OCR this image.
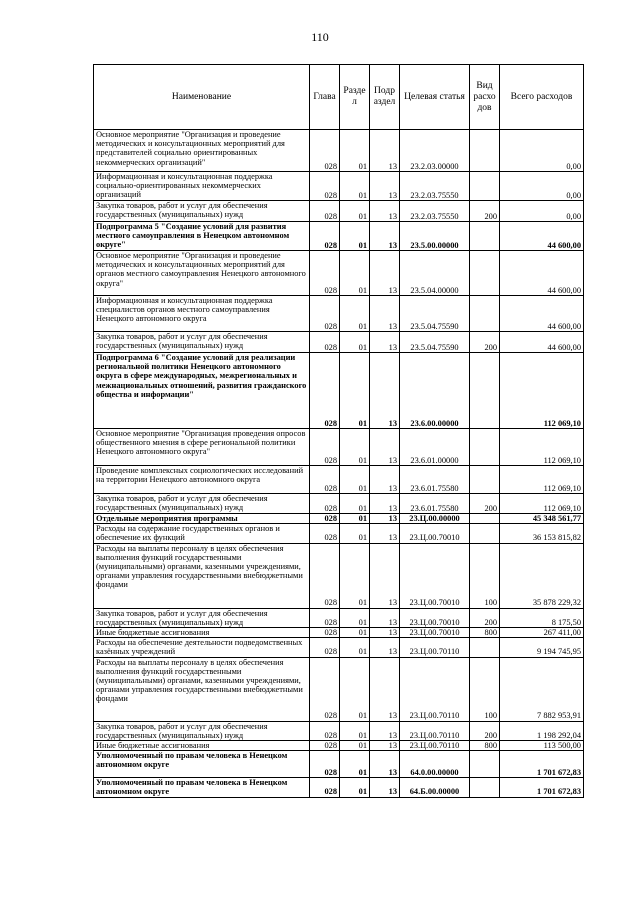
110
Наименование	Глава	Разде л	Подр аздел	Целевая статья	Вид расхо дов	Всего расходов
Основное мероприятие "Организация и проведение методических и консультационных мероприятий для представителей социально ориентированных некоммерческих организаций"	028	01	13	23.2.03.00000		0,00
Информационная и консультационная поддержка социально-ориентированных некоммерческих организаций	028	01	13	23.2.03.75550		0,00
Закупка товаров, работ и услуг для обеспечения государственных (муниципальных) нужд	028	01	13	23.2.03.75550	200	0,00
Подпрограмма 5 "Создание условий для развития местного самоуправления в Ненецком автономном округе"	028	01	13	23.5.00.00000		44 600,00
Основное мероприятие "Организация и проведение методических и консультационных мероприятий для органов местного самоуправления Ненецкого автономного округа"	028	01	13	23.5.04.00000		44 600,00
Информационная и консультационная поддержка специалистов органов местного самоуправления Ненецкого автономного округа	028	01	13	23.5.04.75590		44 600,00
Закупка товаров, работ и услуг для обеспечения государственных (муниципальных) нужд	028	01	13	23.5.04.75590	200	44 600,00
Подпрограмма 6 "Создание условий для реализации региональной политики Ненецкого автономного округа в сфере международных, межрегиональных и межнациональных отношений, развития гражданского общества и информации"	028	01	13	23.6.00.00000		112 069,10
Основное мероприятие "Организация проведения опросов общественного мнения в сфере региональной политики Ненецкого автономного округа"	028	01	13	23.6.01.00000		112 069,10
Проведение комплексных социологических исследований на территории Ненецкого автономного округа	028	01	13	23.6.01.75580		112 069,10
Закупка товаров, работ и услуг для обеспечения государственных (муниципальных) нужд	028	01	13	23.6.01.75580	200	112 069,10
Отдельные мероприятия программы	028	01	13	23.Ц.00.00000		45 348 561,77
Расходы на содержание государственных органов и обеспечение их функций	028	01	13	23.Ц.00.70010		36 153 815,82
Расходы на выплаты персоналу в целях обеспечения выполнения функций государственными (муниципальными) органами, казенными учреждениями, органами управления государственными внебюджетными фондами	028	01	13	23.Ц.00.70010	100	35 878 229,32
Закупка товаров, работ и услуг для обеспечения государственных (муниципальных) нужд	028	01	13	23.Ц.00.70010	200	8 175,50
Иные бюджетные ассигнования	028	01	13	23.Ц.00.70010	800	267 411,00
Расходы на обеспечение деятельности подведомственных казённых учреждений	028	01	13	23.Ц.00.70110		9 194 745,95
Расходы на выплаты персоналу в целях обеспечения выполнения функций государственными (муниципальными) органами, казенными учреждениями, органами управления государственными внебюджетными фондами	028	01	13	23.Ц.00.70110	100	7 882 953,91
Закупка товаров, работ и услуг для обеспечения государственных (муниципальных) нужд	028	01	13	23.Ц.00.70110	200	1 198 292,04
Иные бюджетные ассигнования	028	01	13	23.Ц.00.70110	800	113 500,00
Уполномоченный по правам человека в Ненецком автономном округе	028	01	13	64.0.00.00000		1 701 672,83
Уполномоченный по правам человека в Ненецком автономном округе	028	01	13	64.Б.00.00000		1 701 672,83
